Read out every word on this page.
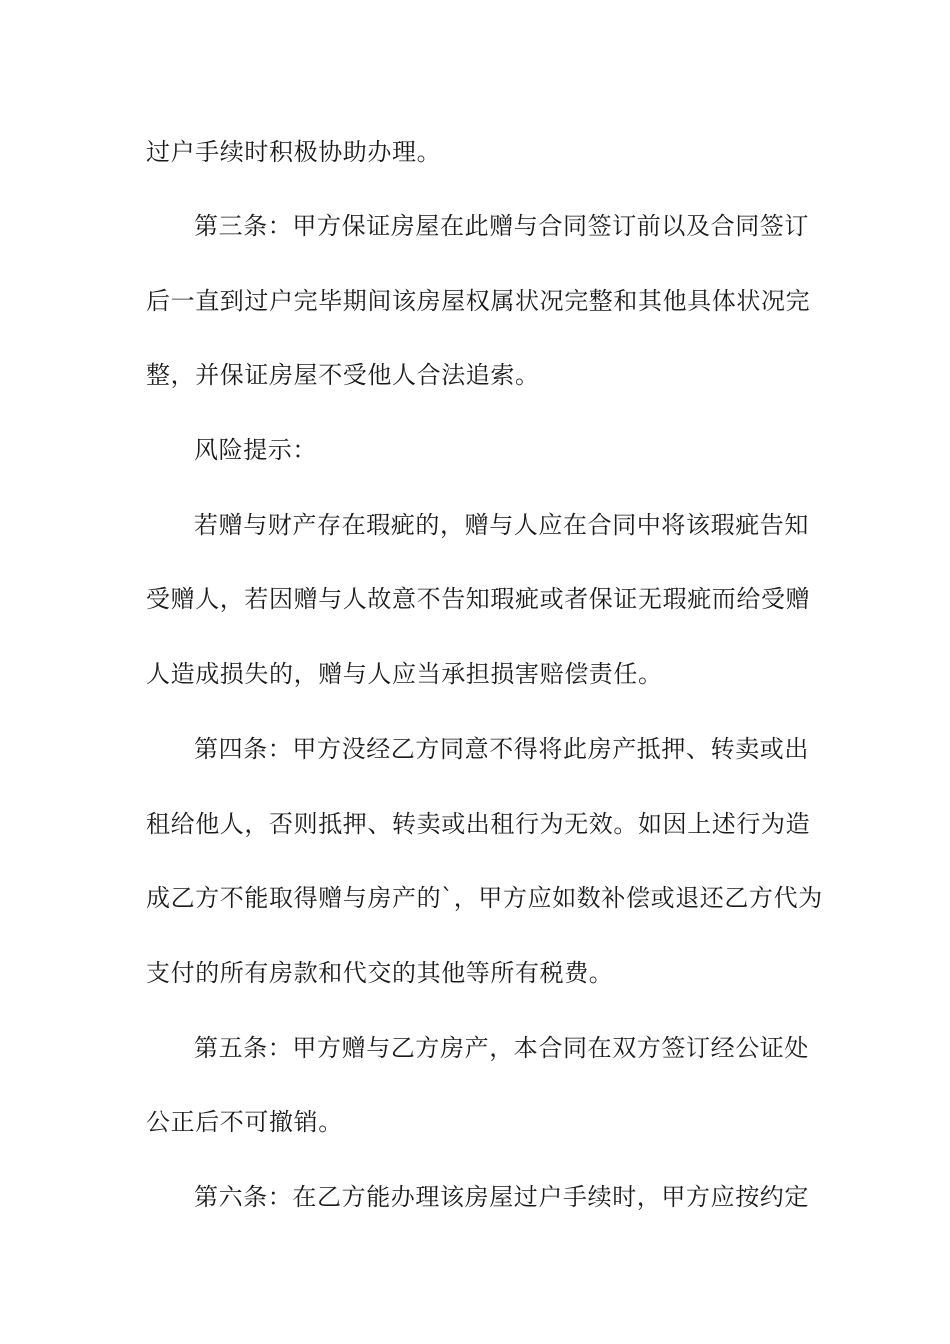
过户手续时积极协助办理。
第三条：甲方保证房屋在此赠与合同签订前以及合同签订
后一直到过户完毕期间该房屋权属状况完整和其他具体状况完
整，并保证房屋不受他人合法追索。
风险提示：
若赠与财产存在瑕疵的，赠与人应在合同中将该瑕疵告知
受赠人，若因赠与人故意不告知瑕疵或者保证无瑕疵而给受赠
人造成损失的，赠与人应当承担损害赔偿责任。
第四条：甲方没经乙方同意不得将此房产抵押、转卖或出
租给他人，否则抵押、转卖或出租行为无效。如因上述行为造
成乙方不能取得赠与房产的`，甲方应如数补偿或退还乙方代为
支付的所有房款和代交的其他等所有税费。
第五条：甲方赠与乙方房产，本合同在双方签订经公证处
公正后不可撤销。
第六条：在乙方能办理该房屋过户手续时，甲方应按约定
